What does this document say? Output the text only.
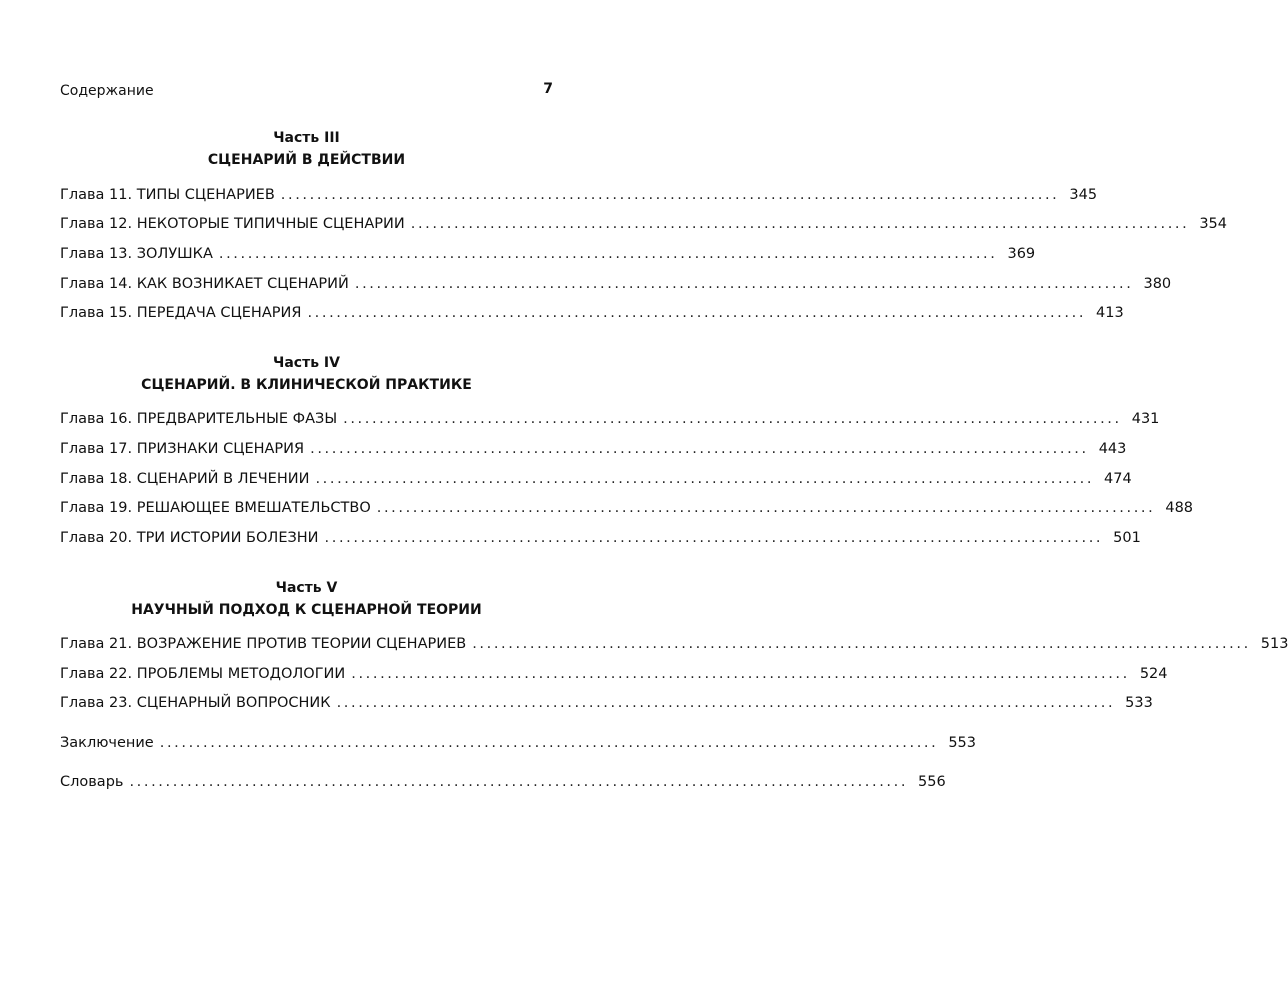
Содержание	7
Часть III
СЦЕНАРИЙ В ДЕЙСТВИИ
Глава 11. ТИПЫ СЦЕНАРИЕВ ............................................................................................................ 345
Глава 12. НЕКОТОРЫЕ ТИПИЧНЫЕ СЦЕНАРИИ ............................................................................................................ 354
Глава 13. ЗОЛУШКА ............................................................................................................ 369
Глава 14. КАК ВОЗНИКАЕТ СЦЕНАРИЙ ............................................................................................................ 380
Глава 15. ПЕРЕДАЧА СЦЕНАРИЯ ............................................................................................................ 413
Часть IV
СЦЕНАРИЙ. В КЛИНИЧЕСКОЙ ПРАКТИКЕ
Глава 16. ПРЕДВАРИТЕЛЬНЫЕ ФАЗЫ ............................................................................................................ 431
Глава 17. ПРИЗНАКИ СЦЕНАРИЯ ............................................................................................................ 443
Глава 18. СЦЕНАРИЙ В ЛЕЧЕНИИ ............................................................................................................ 474
Глава 19. РЕШАЮЩЕЕ ВМЕШАТЕЛЬСТВО ............................................................................................................ 488
Глава 20. ТРИ ИСТОРИИ БОЛЕЗНИ ............................................................................................................ 501
Часть V
НАУЧНЫЙ ПОДХОД К СЦЕНАРНОЙ ТЕОРИИ
Глава 21. ВОЗРАЖЕНИЕ ПРОТИВ ТЕОРИИ СЦЕНАРИЕВ ............................................................................................................ 513
Глава 22. ПРОБЛЕМЫ МЕТОДОЛОГИИ ............................................................................................................ 524
Глава 23. СЦЕНАРНЫЙ ВОПРОСНИК ............................................................................................................ 533
Заключение ............................................................................................................ 553
Словарь ............................................................................................................ 556
